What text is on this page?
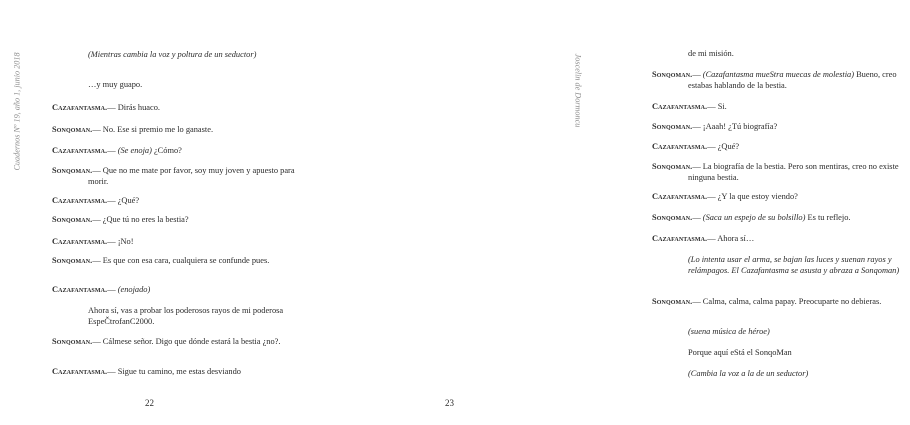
Cuadernos Nº 19, año 1, junio 2018	(Mientras cambia la voz y poltura de un seductor)
…y muy guapo.
Cazafantasma.— Dirás huaco.
Sonqoman.— No. Ese si premio me lo ganaste.
Cazafantasma.— (Se enoja) ¿Cómo?
Sonqoman.— Que no me mate por favor, soy muy joven y apuesto para morir.
Cazafantasma.— ¿Qué?
Sonqoman.— ¿Que tú no eres la bestia?
Cazafantasma.— ¡No!
Sonqoman.— Es que con esa cara, cualquiera se confunde pues.
Cazafantasma.— (enojado)
Ahora sí, vas a probar los poderosos rayos de mi poderosa EspeČtrofanC2000.
Sonqoman.— Cálmese señor. Digo que dónde estará la bestia ¿no?.
Cazafantasma.— Sigue tu camino, me estas desviando
22
Joscelin de Dormoncu
de mi misión.
Sonqoman.— (Cazafantasma mueStra muecas de molestia) Bueno, creo estabas hablando de la bestia.
Cazafantasma.— Si.
Sonqoman.— ¡Aaah! ¿Tú biografía?
Cazafantasma.— ¿Qué?
Sonqoman.— La biografía de la bestia. Pero son mentiras, creo no existe ninguna bestia.
Cazafantasma.— ¿Y la que estoy viendo?
Sonqoman.— (Saca un espejo de su bolsillo) Es tu reflejo.
Cazafantasma.— Ahora sí…
(Lo intenta usar el arma, se bajan las luces y suenan rayos y relámpagos. El Cazafantasma se asusta y abraza a Sonqoman)
Sonqoman.— Calma, calma, calma papay. Preocuparte no debieras.
(suena música de héroe)
Porque aquí eStá el SonqoMan
(Cambia la voz a la de un seductor)
23
